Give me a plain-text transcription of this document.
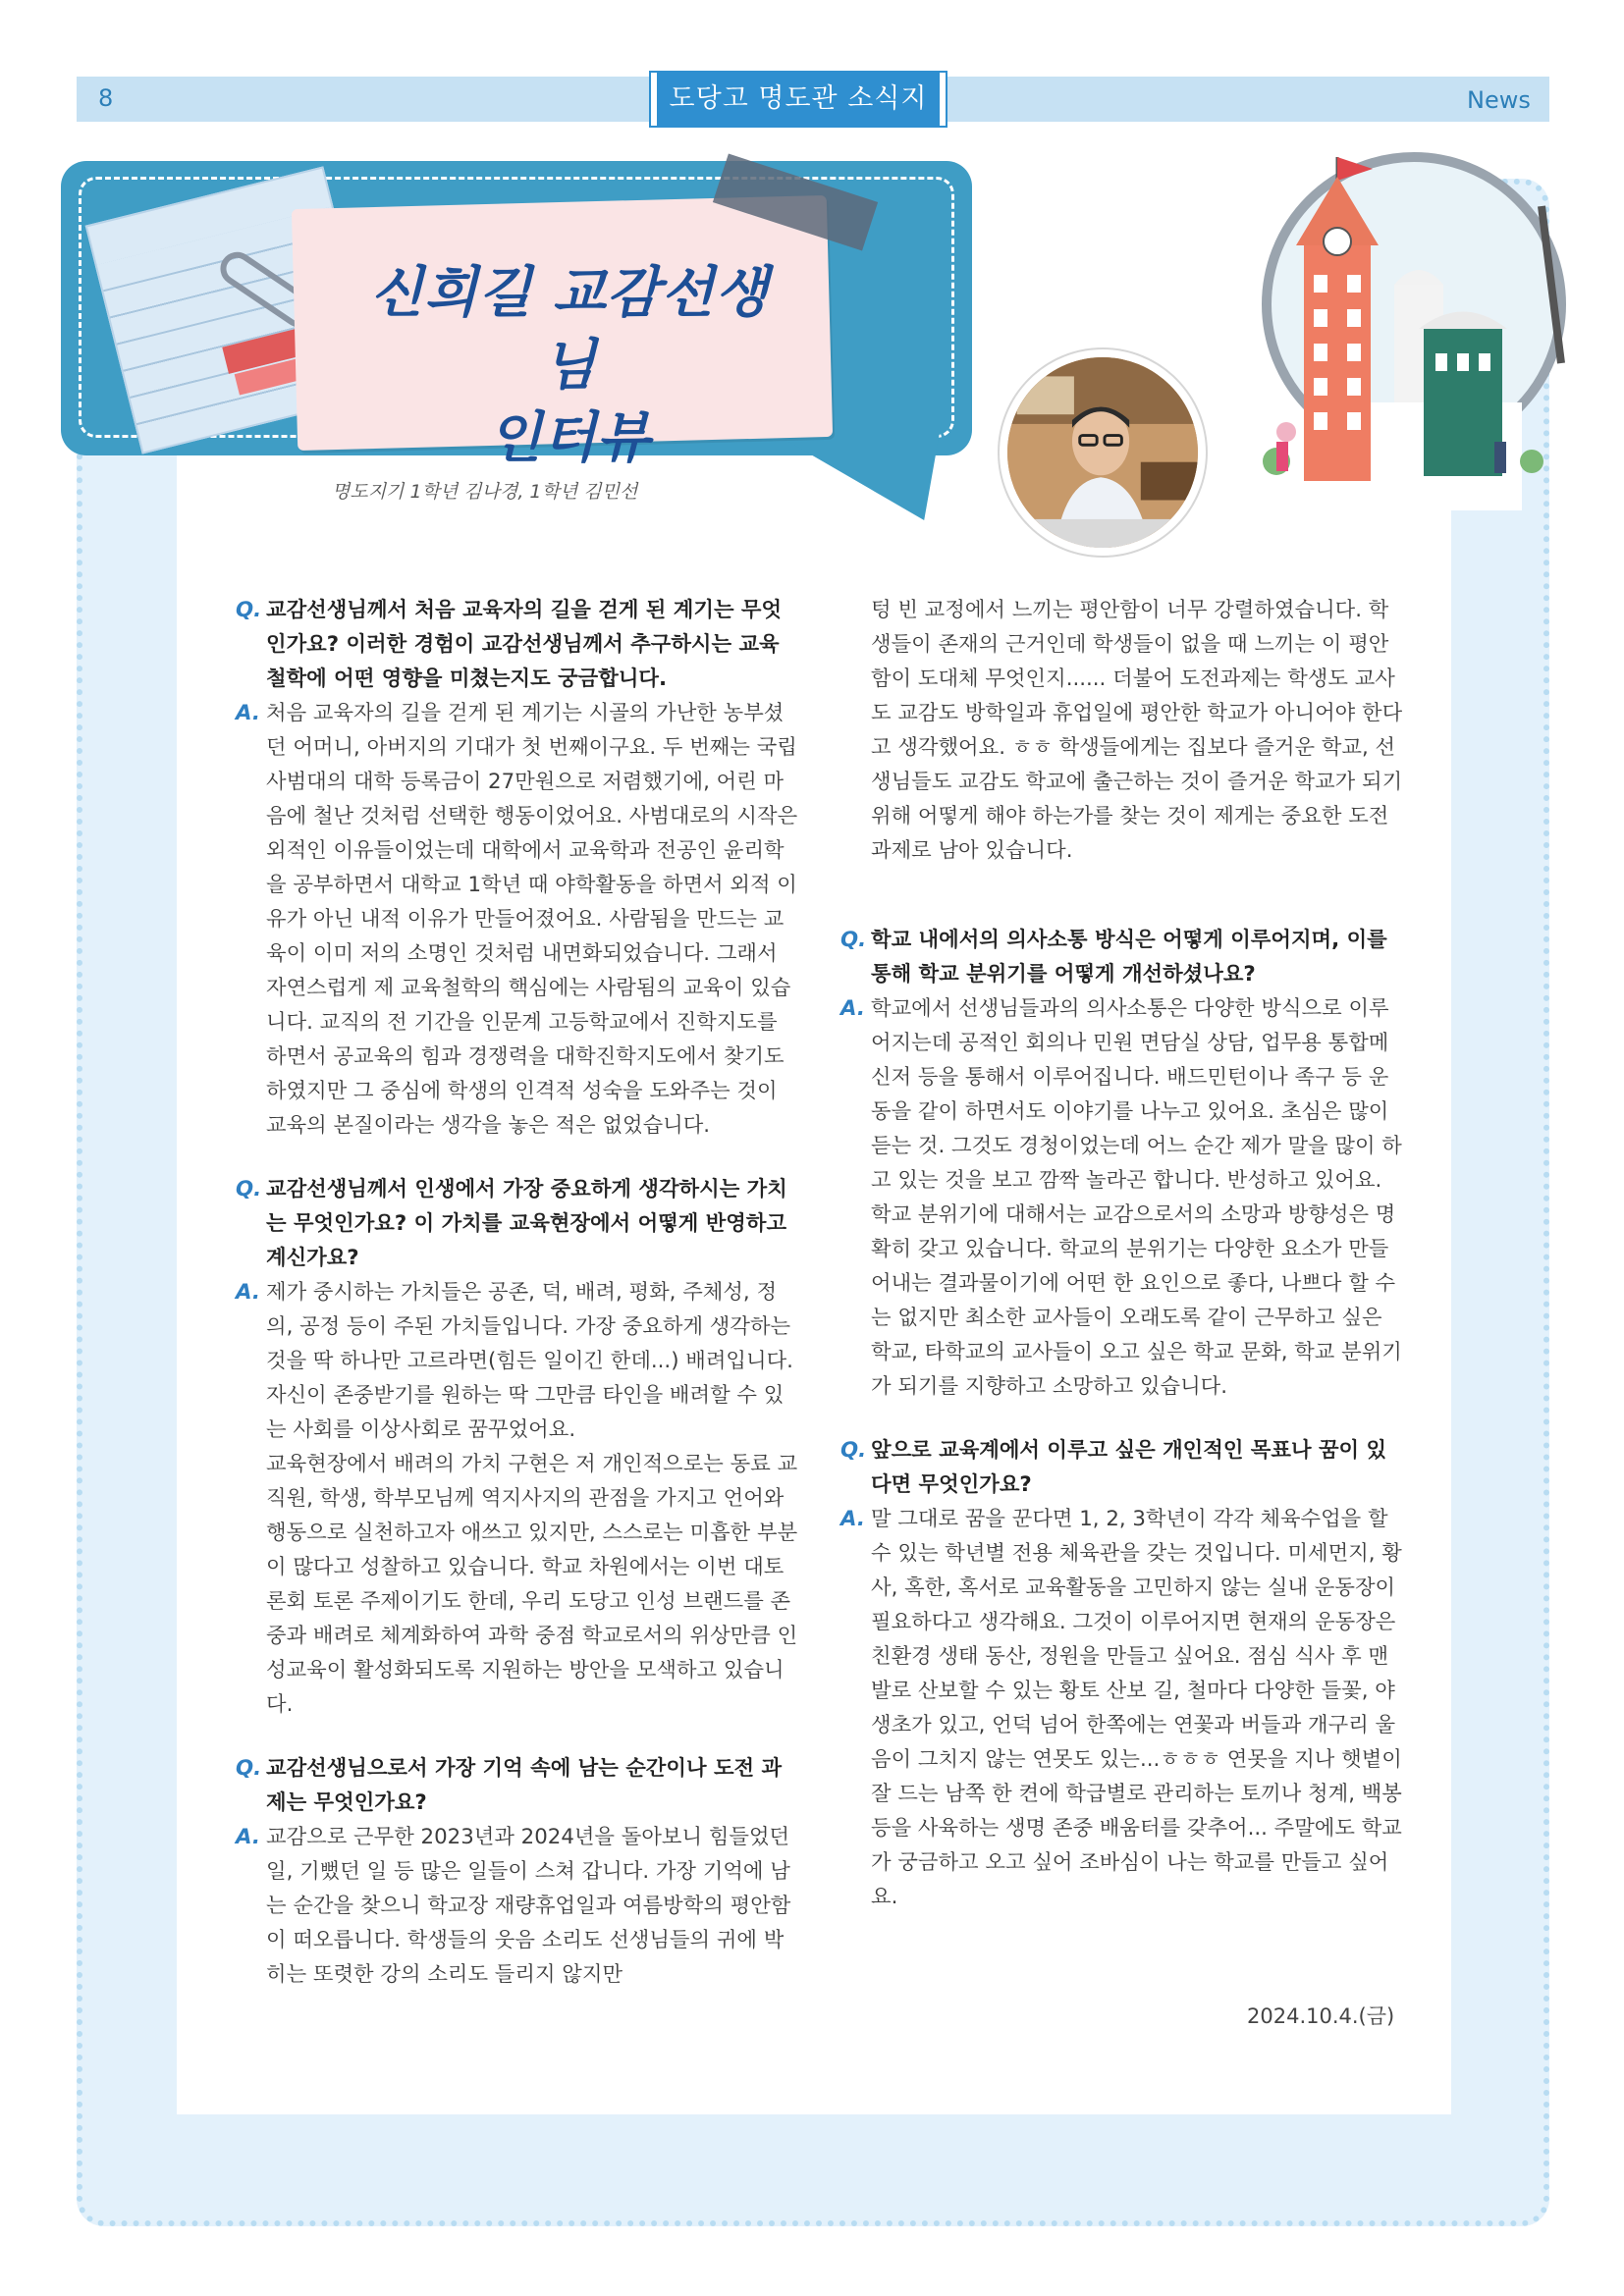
8	도당고 명도관 소식지	News
신희길 교감선생님
인터뷰
명도지기 1학년 김나경, 1학년 김민선
Q. 교감선생님께서 처음 교육자의 길을 걷게 된 계기는 무엇인가요? 이러한 경험이 교감선생님께서 추구하시는 교육철학에 어떤 영향을 미쳤는지도 궁금합니다.
A. 처음 교육자의 길을 걷게 된 계기는 시골의 가난한 농부셨던 어머니, 아버지의 기대가 첫 번째이구요. 두 번째는 국립사범대의 대학 등록금이 27만원으로 저렴했기에, 어린 마음에 철난 것처럼 선택한 행동이었어요. 사범대로의 시작은 외적인 이유들이었는데 대학에서 교육학과 전공인 윤리학을 공부하면서 대학교 1학년 때 야학활동을 하면서 외적 이유가 아닌 내적 이유가 만들어졌어요. 사람됨을 만드는 교육이 이미 저의 소명인 것처럼 내면화되었습니다. 그래서 자연스럽게 제 교육철학의 핵심에는 사람됨의 교육이 있습니다. 교직의 전 기간을 인문계 고등학교에서 진학지도를 하면서 공교육의 힘과 경쟁력을 대학진학지도에서 찾기도 하였지만 그 중심에 학생의 인격적 성숙을 도와주는 것이 교육의 본질이라는 생각을 놓은 적은 없었습니다.
Q. 교감선생님께서 인생에서 가장 중요하게 생각하시는 가치는 무엇인가요? 이 가치를 교육현장에서 어떻게 반영하고 계신가요?
A. 제가 중시하는 가치들은 공존, 덕, 배려, 평화, 주체성, 정의, 공정 등이 주된 가치들입니다. 가장 중요하게 생각하는 것을 딱 하나만 고르라면(힘든 일이긴 한데...) 배려입니다. 자신이 존중받기를 원하는 딱 그만큼 타인을 배려할 수 있는 사회를 이상사회로 꿈꾸었어요.
교육현장에서 배려의 가치 구현은 저 개인적으로는 동료 교직원, 학생, 학부모님께 역지사지의 관점을 가지고 언어와 행동으로 실천하고자 애쓰고 있지만, 스스로는 미흡한 부분이 많다고 성찰하고 있습니다. 학교 차원에서는 이번 대토론회 토론 주제이기도 한데, 우리 도당고 인성 브랜드를 존중과 배려로 체계화하여 과학 중점 학교로서의 위상만큼 인성교육이 활성화되도록 지원하는 방안을 모색하고 있습니다.
Q. 교감선생님으로서 가장 기억 속에 남는 순간이나 도전 과제는 무엇인가요?
A. 교감으로 근무한 2023년과 2024년을 돌아보니 힘들었던 일, 기뻤던 일 등 많은 일들이 스쳐 갑니다. 가장 기억에 남는 순간을 찾으니 학교장 재량휴업일과 여름방학의 평안함이 떠오릅니다. 학생들의 웃음 소리도 선생님들의 귀에 박히는 또렷한 강의 소리도 들리지 않지만
텅 빈 교정에서 느끼는 평안함이 너무 강렬하였습니다. 학생들이 존재의 근거인데 학생들이 없을 때 느끼는 이 평안함이 도대체 무엇인지...... 더불어 도전과제는 학생도 교사도 교감도 방학일과 휴업일에 평안한 학교가 아니어야 한다고 생각했어요. ㅎㅎ 학생들에게는 집보다 즐거운 학교, 선생님들도 교감도 학교에 출근하는 것이 즐거운 학교가 되기 위해 어떻게 해야 하는가를 찾는 것이 제게는 중요한 도전 과제로 남아 있습니다.
Q. 학교 내에서의 의사소통 방식은 어떻게 이루어지며, 이를 통해 학교 분위기를 어떻게 개선하셨나요?
A. 학교에서 선생님들과의 의사소통은 다양한 방식으로 이루어지는데 공적인 회의나 민원 면담실 상담, 업무용 통합메신저 등을 통해서 이루어집니다. 배드민턴이나 족구 등 운동을 같이 하면서도 이야기를 나누고 있어요. 초심은 많이 듣는 것. 그것도 경청이었는데 어느 순간 제가 말을 많이 하고 있는 것을 보고 깜짝 놀라곤 합니다. 반성하고 있어요.
학교 분위기에 대해서는 교감으로서의 소망과 방향성은 명확히 갖고 있습니다. 학교의 분위기는 다양한 요소가 만들어내는 결과물이기에 어떤 한 요인으로 좋다, 나쁘다 할 수는 없지만 최소한 교사들이 오래도록 같이 근무하고 싶은 학교, 타학교의 교사들이 오고 싶은 학교 문화, 학교 분위기가 되기를 지향하고 소망하고 있습니다.
Q. 앞으로 교육계에서 이루고 싶은 개인적인 목표나 꿈이 있다면 무엇인가요?
A. 말 그대로 꿈을 꾼다면 1, 2, 3학년이 각각 체육수업을 할 수 있는 학년별 전용 체육관을 갖는 것입니다. 미세먼지, 황사, 혹한, 혹서로 교육활동을 고민하지 않는 실내 운동장이 필요하다고 생각해요. 그것이 이루어지면 현재의 운동장은 친환경 생태 동산, 정원을 만들고 싶어요. 점심 식사 후 맨발로 산보할 수 있는 황토 산보 길, 철마다 다양한 들꽃, 야생초가 있고, 언덕 넘어 한쪽에는 연꽃과 버들과 개구리 울음이 그치지 않는 연못도 있는...ㅎㅎㅎ 연못을 지나 햇볕이 잘 드는 남쪽 한 켠에 학급별로 관리하는 토끼나 청계, 백봉 등을 사육하는 생명 존중 배움터를 갖추어... 주말에도 학교가 궁금하고 오고 싶어 조바심이 나는 학교를 만들고 싶어요.
2024.10.4.(금)
